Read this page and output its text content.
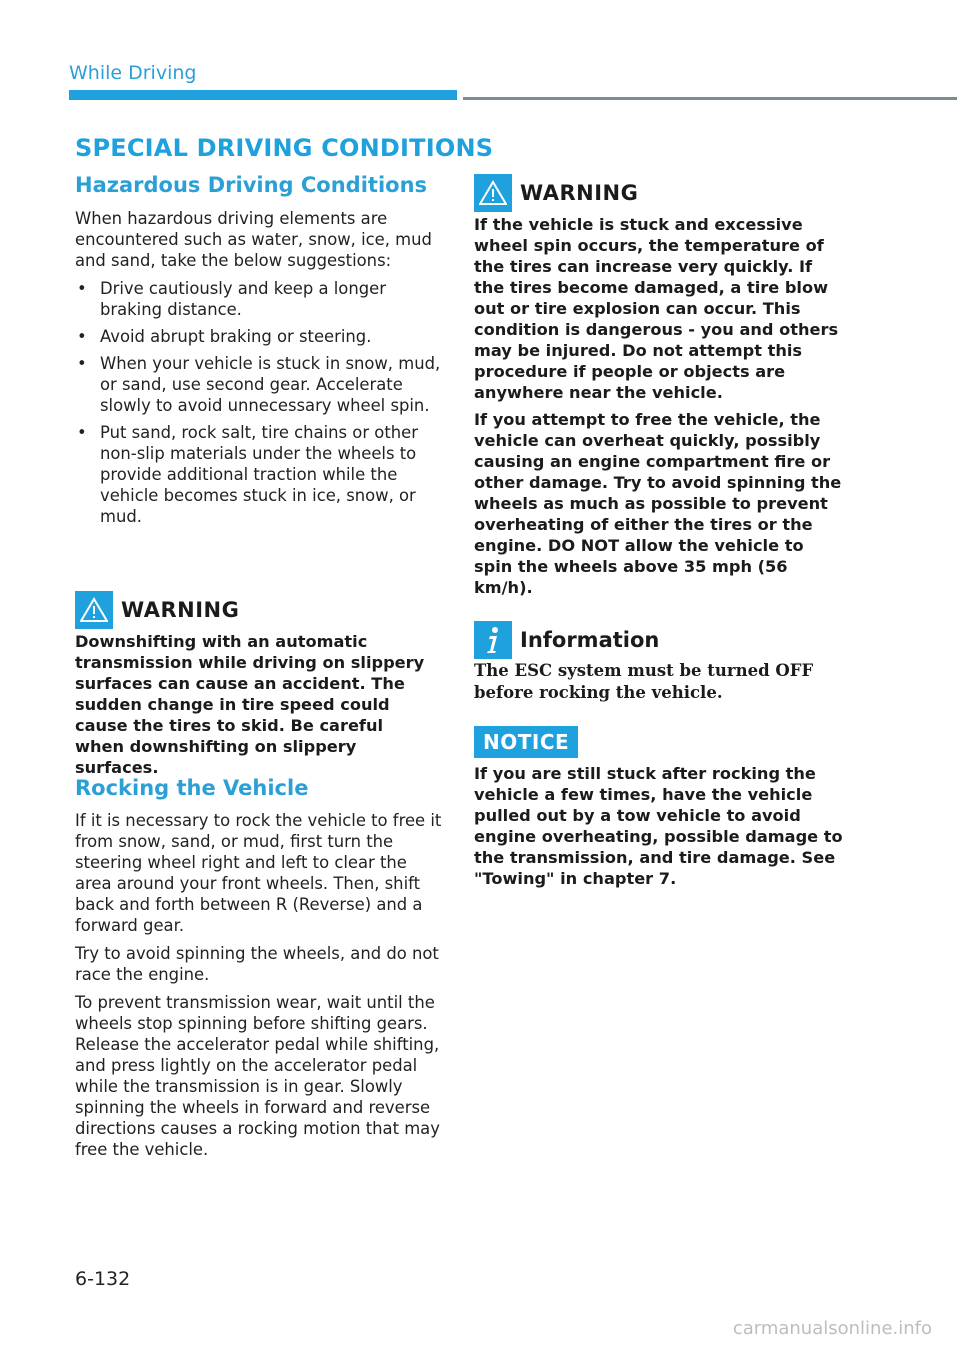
While Driving
SPECIAL DRIVING CONDITIONS
Hazardous Driving Conditions

When hazardous driving elements are encountered such as water, snow, ice, mud and sand, take the below suggestions:

• Drive cautiously and keep a longer braking distance.
• Avoid abrupt braking or steering.
• When your vehicle is stuck in snow, mud, or sand, use second gear. Accelerate slowly to avoid unnecessary wheel spin.
• Put sand, rock salt, tire chains or other non-slip materials under the wheels to provide additional traction while the vehicle becomes stuck in ice, snow, or mud.
WARNING
Downshifting with an automatic transmission while driving on slippery surfaces can cause an accident. The sudden change in tire speed could cause the tires to skid. Be careful when downshifting on slippery surfaces.
Rocking the Vehicle

If it is necessary to rock the vehicle to free it from snow, sand, or mud, first turn the steering wheel right and left to clear the area around your front wheels. Then, shift back and forth between R (Reverse) and a forward gear.

Try to avoid spinning the wheels, and do not race the engine.

To prevent transmission wear, wait until the wheels stop spinning before shifting gears. Release the accelerator pedal while shifting, and press lightly on the accelerator pedal while the transmission is in gear. Slowly spinning the wheels in forward and reverse directions causes a rocking motion that may free the vehicle.

WARNING

If the vehicle is stuck and excessive wheel spin occurs, the temperature of the tires can increase very quickly. If the tires become damaged, a tire blow out or tire explosion can occur. This condition is dangerous - you and others may be injured. Do not attempt this procedure if people or objects are anywhere near the vehicle.

If you attempt to free the vehicle, the vehicle can overheat quickly, possibly causing an engine compartment fire or other damage. Try to avoid spinning the wheels as much as possible to prevent overheating of either the tires or the engine. DO NOT allow the vehicle to spin the wheels above 35 mph (56 km/h).

Information
The ESC system must be turned OFF before rocking the vehicle.
NOTICE
If you are still stuck after rocking the vehicle a few times, have the vehicle pulled out by a tow vehicle to avoid engine overheating, possible damage to the transmission, and tire damage. See "Towing" in chapter 7.
6-132
carmanualsonline.info
